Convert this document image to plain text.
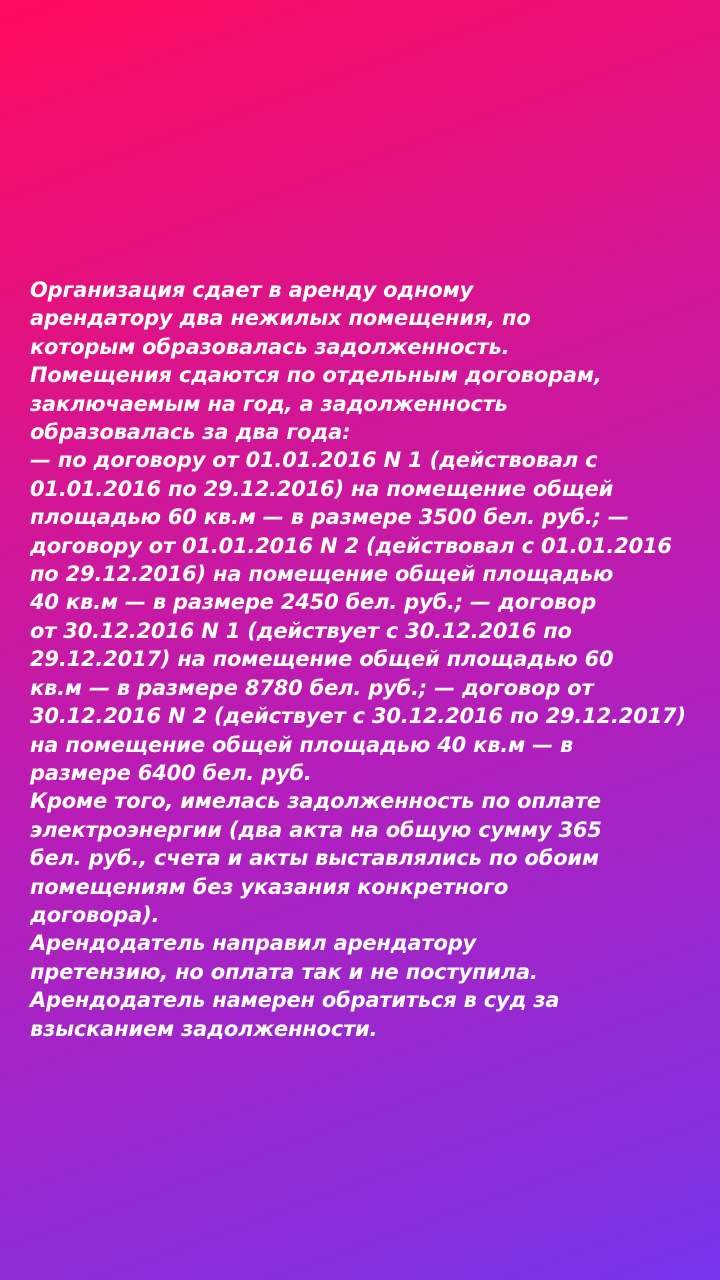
Организация сдает в аренду одному
арендатору два нежилых помещения, по
которым образовалась задолженность.
Помещения сдаются по отдельным договорам,
заключаемым на год, а задолженность
образовалась за два года:
— по договору от 01.01.2016 N 1 (действовал с
01.01.2016 по 29.12.2016) на помещение общей
площадью 60 кв.м — в размере 3500 бел. руб.; —
договору от 01.01.2016 N 2 (действовал с 01.01.2016
по 29.12.2016) на помещение общей площадью
40 кв.м — в размере 2450 бел. руб.; — договор
от 30.12.2016 N 1 (действует с 30.12.2016 по
29.12.2017) на помещение общей площадью 60
кв.м — в размере 8780 бел. руб.; — договор от
30.12.2016 N 2 (действует с 30.12.2016 по 29.12.2017)
на помещение общей площадью 40 кв.м — в
размере 6400 бел. руб.
Кроме того, имелась задолженность по оплате
электроэнергии (два акта на общую сумму 365
бел. руб., счета и акты выставлялись по обоим
помещениям без указания конкретного
договора).
Арендодатель направил арендатору
претензию, но оплата так и не поступила.
Арендодатель намерен обратиться в суд за
взысканием задолженности.
